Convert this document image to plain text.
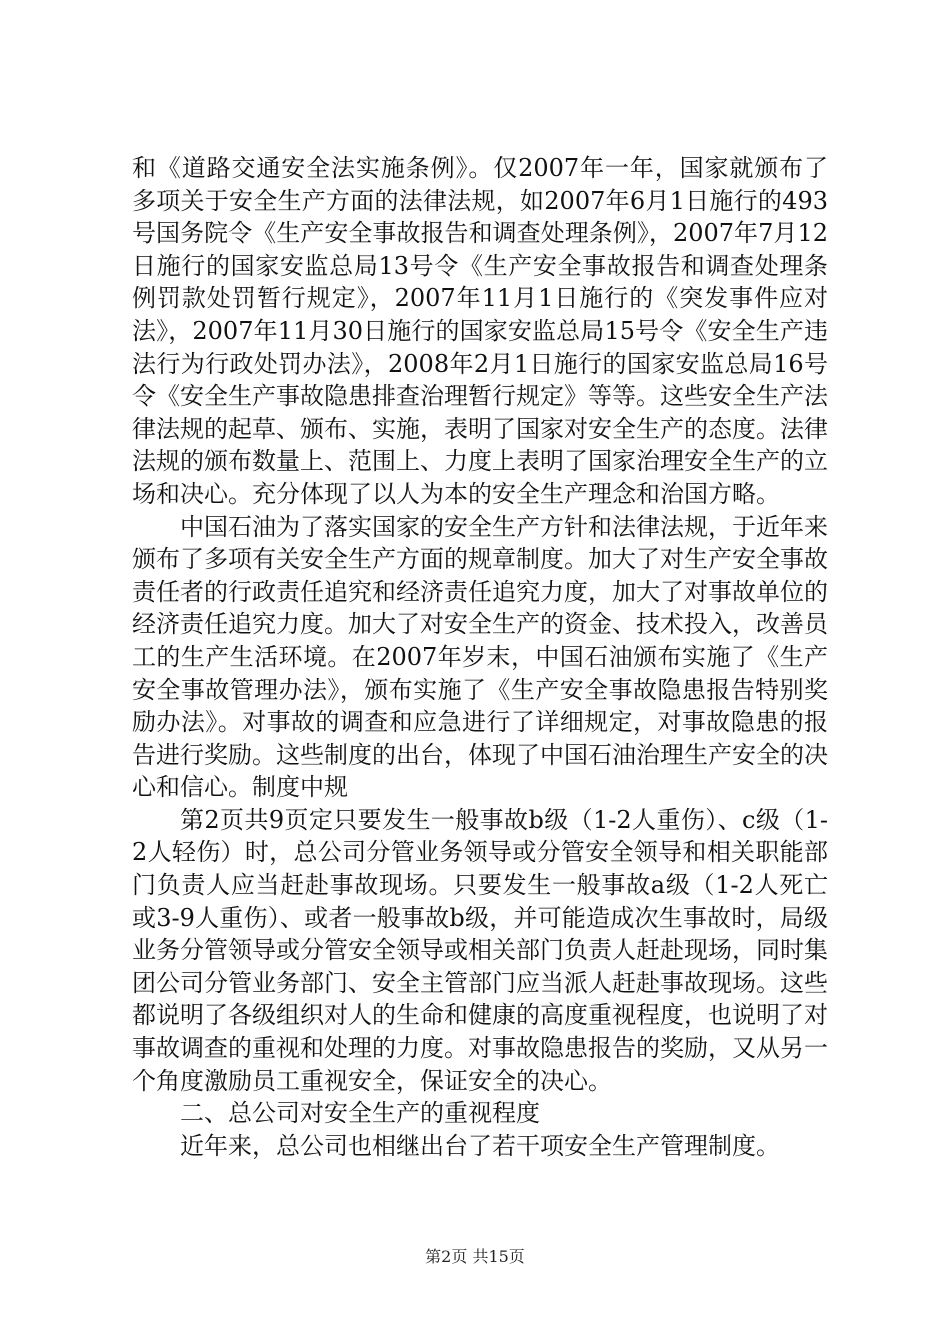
和《道路交通安全法实施条例》。仅2007年一年，国家就颁布了多项关于安全生产方面的法律法规，如2007年6月1日施行的493号国务院令《生产安全事故报告和调查处理条例》，2007年7月12日施行的国家安监总局13号令《生产安全事故报告和调查处理条例罚款处罚暂行规定》，2007年11月1日施行的《突发事件应对法》，2007年11月30日施行的国家安监总局15号令《安全生产违法行为行政处罚办法》，2008年2月1日施行的国家安监总局16号令《安全生产事故隐患排查治理暂行规定》等等。这些安全生产法律法规的起草、颁布、实施，表明了国家对安全生产的态度。法律法规的颁布数量上、范围上、力度上表明了国家治理安全生产的立场和决心。充分体现了以人为本的安全生产理念和治国方略。

中国石油为了落实国家的安全生产方针和法律法规，于近年来颁布了多项有关安全生产方面的规章制度。加大了对生产安全事故责任者的行政责任追究和经济责任追究力度，加大了对事故单位的经济责任追究力度。加大了对安全生产的资金、技术投入，改善员工的生产生活环境。在2007年岁末，中国石油颁布实施了《生产安全事故管理办法》，颁布实施了《生产安全事故隐患报告特别奖励办法》。对事故的调查和应急进行了详细规定，对事故隐患的报告进行奖励。这些制度的出台，体现了中国石油治理生产安全的决心和信心。制度中规

第2页共9页定只要发生一般事故b级（1-2人重伤）、c级（1-2人轻伤）时，总公司分管业务领导或分管安全领导和相关职能部门负责人应当赶赴事故现场。只要发生一般事故a级（1-2人死亡或3-9人重伤）、或者一般事故b级，并可能造成次生事故时，局级业务分管领导或分管安全领导或相关部门负责人赶赴现场，同时集团公司分管业务部门、安全主管部门应当派人赶赴事故现场。这些都说明了各级组织对人的生命和健康的高度重视程度，也说明了对事故调查的重视和处理的力度。对事故隐患报告的奖励，又从另一个角度激励员工重视安全，保证安全的决心。

二、总公司对安全生产的重视程度

近年来，总公司也相继出台了若干项安全生产管理制度。

第2页 共15页
